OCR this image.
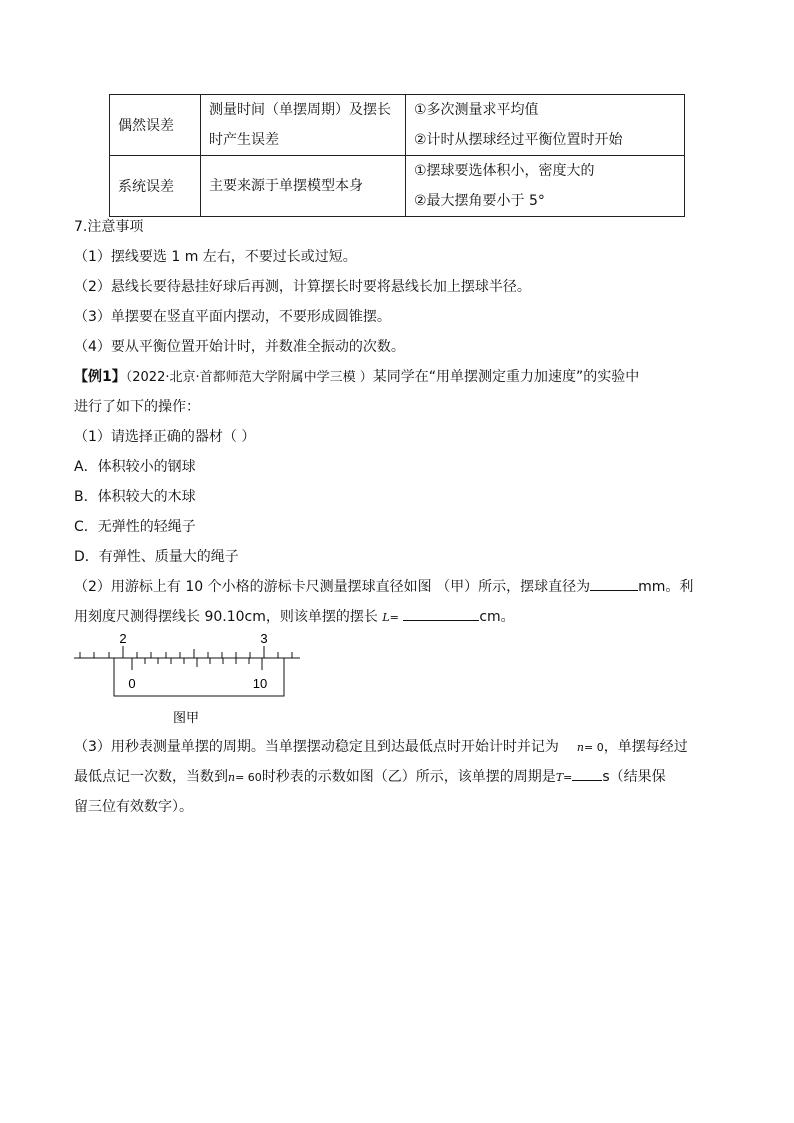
偶然误差	测量时间（单摆周期）及摆长时产生误差	①多次测量求平均值
②计时从摆球经过平衡位置时开始

系统误差	主要来源于单摆模型本身	①摆球要选体积小，密度大的
②最大摆角要小于 5°
7.注意事项
（1）摆线要选 1 m 左右，不要过长或过短。
（2）悬线长要待悬挂好球后再测，计算摆长时要将悬线长加上摆球半径。
（3）单摆要在竖直平面内摆动，不要形成圆锥摆。
（4）要从平衡位置开始计时，并数准全振动的次数。
【例1】（2022·北京·首都师范大学附属中学三模 ）某同学在“用单摆测定重力加速度”的实验中
进行了如下的操作：
（1）请选择正确的器材（ ）
A．体积较小的钢球
B．体积较大的木球
C．无弹性的轻绳子
D．有弹性、质量大的绳子
（2）用游标上有 10 个小格的游标卡尺测量摆球直径如图 （甲）所示，摆球直径为	mm。利
用刻度尺测得摆线长 90.10cm，则该单摆的摆长 L=	cm。
2	3
0	10
图甲
（3）用秒表测量单摆的周期。当单摆摆动稳定且到达最低点时开始计时并记为 n= 0，单摆每经过
最低点记一次数，当数到n= 60时秒表的示数如图（乙）所示，该单摆的周期是T= s（结果保
留三位有效数字）。
